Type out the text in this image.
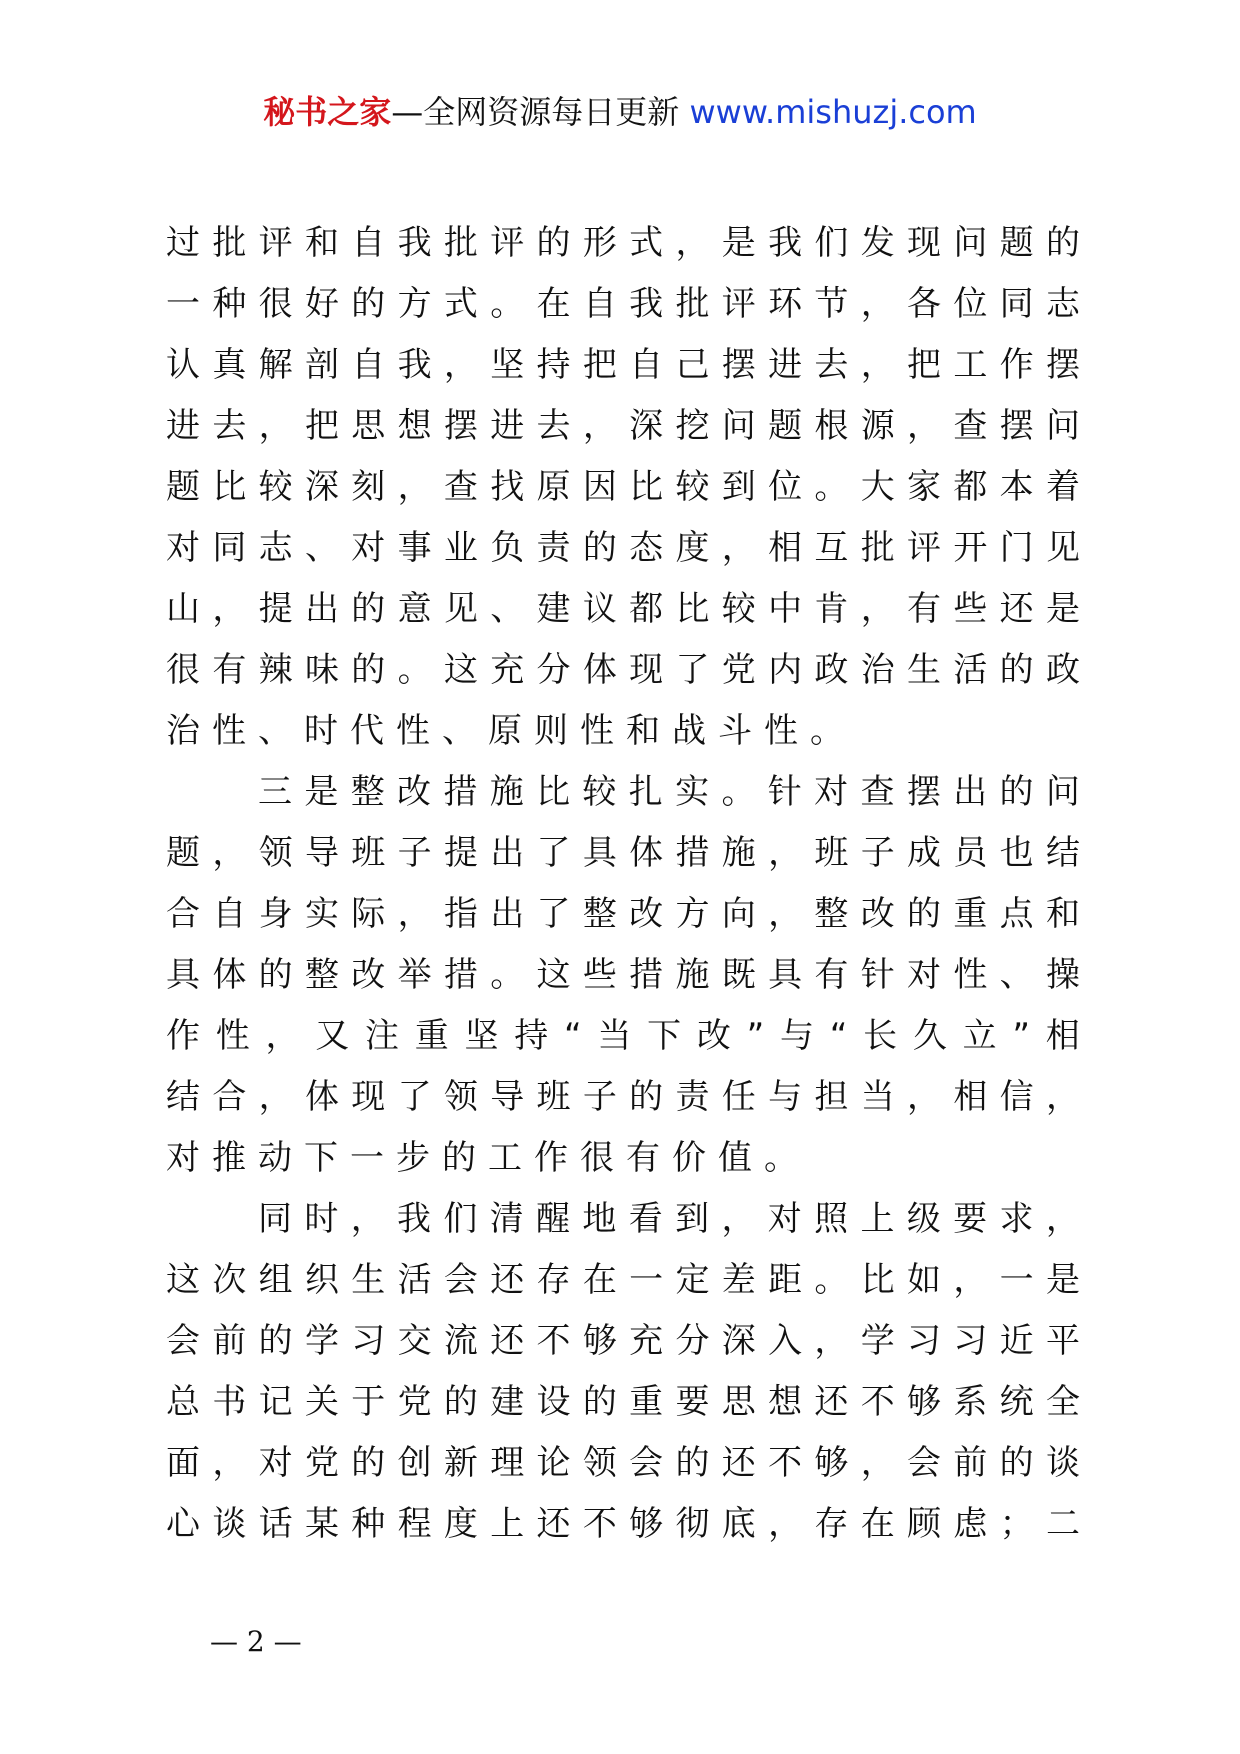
秘书之家—全网资源每日更新 www.mishuzj.com
过 批 评 和 自 我 批 评 的 形 式 ， 是 我 们 发 现 问 题 的
一 种 很 好 的 方 式 。 在 自 我 批 评 环 节 ， 各 位 同 志
认 真 解 剖 自 我 ， 坚 持 把 自 己 摆 进 去 ， 把 工 作 摆
进 去 ， 把 思 想 摆 进 去 ， 深 挖 问 题 根 源 ， 查 摆 问
题 比 较 深 刻 ， 查 找 原 因 比 较 到 位 。 大 家 都 本 着
对 同 志 、 对 事 业 负 责 的 态 度 ， 相 互 批 评 开 门 见
山 ， 提 出 的 意 见 、 建 议 都 比 较 中 肯 ， 有 些 还 是
很 有 辣 味 的 。 这 充 分 体 现 了 党 内 政 治 生 活 的 政
治性、时代性、原则性和战斗性。
三 是 整 改 措 施 比 较 扎 实 。 针 对 查 摆 出 的 问
题 ， 领 导 班 子 提 出 了 具 体 措 施 ， 班 子 成 员 也 结
合 自 身 实 际 ， 指 出 了 整 改 方 向 ， 整 改 的 重 点 和
具 体 的 整 改 举 措 。 这 些 措 施 既 具 有 针 对 性 、 操
作 性 ， 又 注 重 坚 持 “ 当 下 改 ” 与 “ 长 久 立 ” 相
结 合 ， 体 现 了 领 导 班 子 的 责 任 与 担 当 ， 相 信 ，
对推动下一步的工作很有价值。
同 时 ， 我 们 清 醒 地 看 到 ， 对 照 上 级 要 求 ，
这 次 组 织 生 活 会 还 存 在 一 定 差 距 。 比 如 ， 一 是
会 前 的 学 习 交 流 还 不 够 充 分 深 入 ， 学 习 习 近 平
总 书 记 关 于 党 的 建 设 的 重 要 思 想 还 不 够 系 统 全
面 ， 对 党 的 创 新 理 论 领 会 的 还 不 够 ， 会 前 的 谈
心 谈 话 某 种 程 度 上 还 不 够 彻 底 ， 存 在 顾 虑 ； 二
— 2 —
